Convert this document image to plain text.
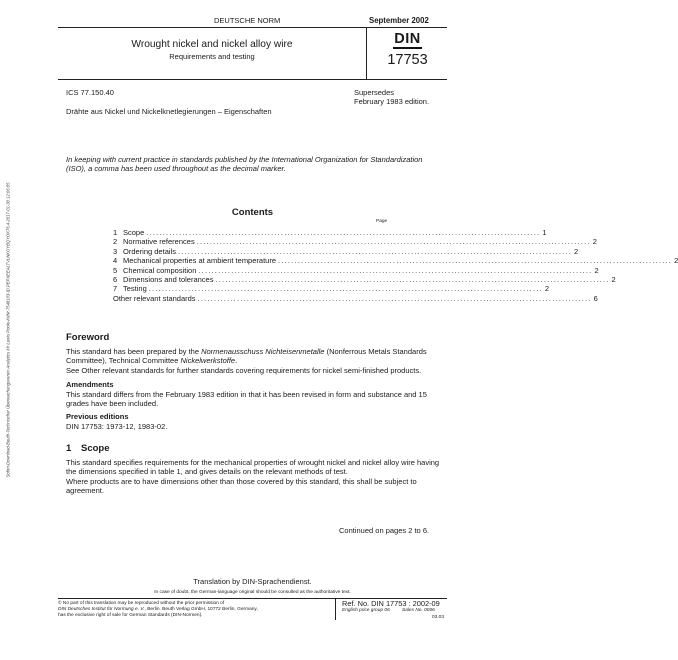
Sofort-Download-Beuth-Technischer Überwachungsverein Analytics Mr Lewis Poole-KdNr.7548103-ID.PEPXEEALTVLNKOYBQYOK76.4-2017-01-30 12:06:05
DEUTSCHE NORM	September 2002
Wrought nickel and nickel alloy wire
Requirements and testing
DIN
17753
ICS 77.150.40	Supersedes
February 1983 edition.
Drähte aus Nickel und Nickelknetlegierungen – Eigenschaften
In keeping with current practice in standards published by the International Organization for Standardization (ISO), a comma has been used throughout as the decimal marker.
Contents
Page
1 Scope ........................................................................................................................ 1
2 Normative references ........................................................................................................................ 2
3 Ordering details ........................................................................................................................ 2
4 Mechanical properties at ambient temperature ........................................................................................................................ 2
5 Chemical composition ........................................................................................................................ 2
6 Dimensions and tolerances ........................................................................................................................ 2
7 Testing ........................................................................................................................ 2
Other relevant standards ........................................................................................................................ 6
Foreword
This standard has been prepared by the Normenausschuss Nichteisenmetalle (Nonferrous Metals Standards Committee), Technical Committee Nickelwerkstoffe.
See Other relevant standards for further standards covering requirements for nickel semi-finished products.
Amendments
This standard differs from the February 1983 edition in that it has been revised in form and substance and 15 grades have been included.
Previous editions
DIN 17753: 1973-12, 1983-02.
1 Scope
This standard specifies requirements for the mechanical properties of wrought nickel and nickel alloy wire having the dimensions specified in table 1, and gives details on the relevant methods of test.
Where products are to have dimensions other than those covered by this standard, this shall be subject to agreement.
Continued on pages 2 to 6.
Translation by DIN-Sprachendienst.
In case of doubt, the German-language original should be consulted as the authoritative text.
© No part of this translation may be reproduced without the prior permission of
DIN Deutsches Institut für Normung e. V., Berlin. Beuth Verlag GmbH, 10772 Berlin, Germany,
has the exclusive right of sale for German Standards (DIN-Normen).
Ref. No. DIN 17753 : 2002-09
English price group 06	Sales No. 0006
03.03
